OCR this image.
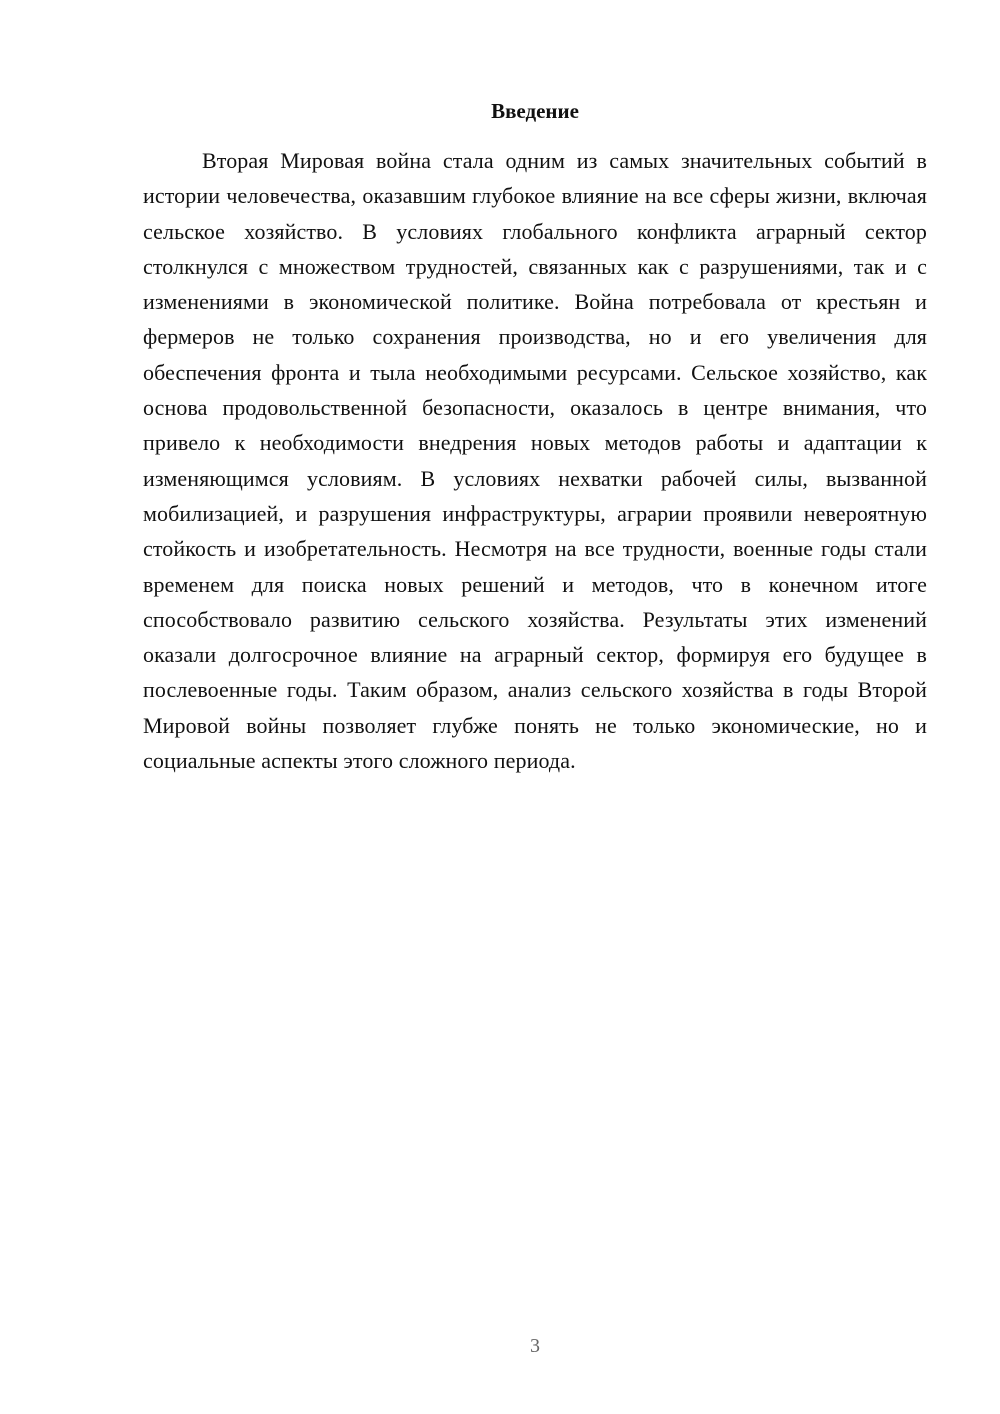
Введение

Вторая Мировая война стала одним из самых значительных событий в истории человечества, оказавшим глубокое влияние на все сферы жизни, включая сельское хозяйство. В условиях глобального конфликта аграрный сектор столкнулся с множеством трудностей, связанных как с разрушениями, так и с изменениями в экономической политике. Война потребовала от крестьян и фермеров не только сохранения производства, но и его увеличения для обеспечения фронта и тыла необходимыми ресурсами. Сельское хозяйство, как основа продовольственной безопасности, оказалось в центре внимания, что привело к необходимости внедрения новых методов работы и адаптации к изменяющимся условиям. В условиях нехватки рабочей силы, вызванной мобилизацией, и разрушения инфраструктуры, аграрии проявили невероятную стойкость и изобретательность. Несмотря на все трудности, военные годы стали временем для поиска новых решений и методов, что в конечном итоге способствовало развитию сельского хозяйства. Результаты этих изменений оказали долгосрочное влияние на аграрный сектор, формируя его будущее в послевоенные годы. Таким образом, анализ сельского хозяйства в годы Второй Мировой войны позволяет глубже понять не только экономические, но и социальные аспекты этого сложного периода.

3
